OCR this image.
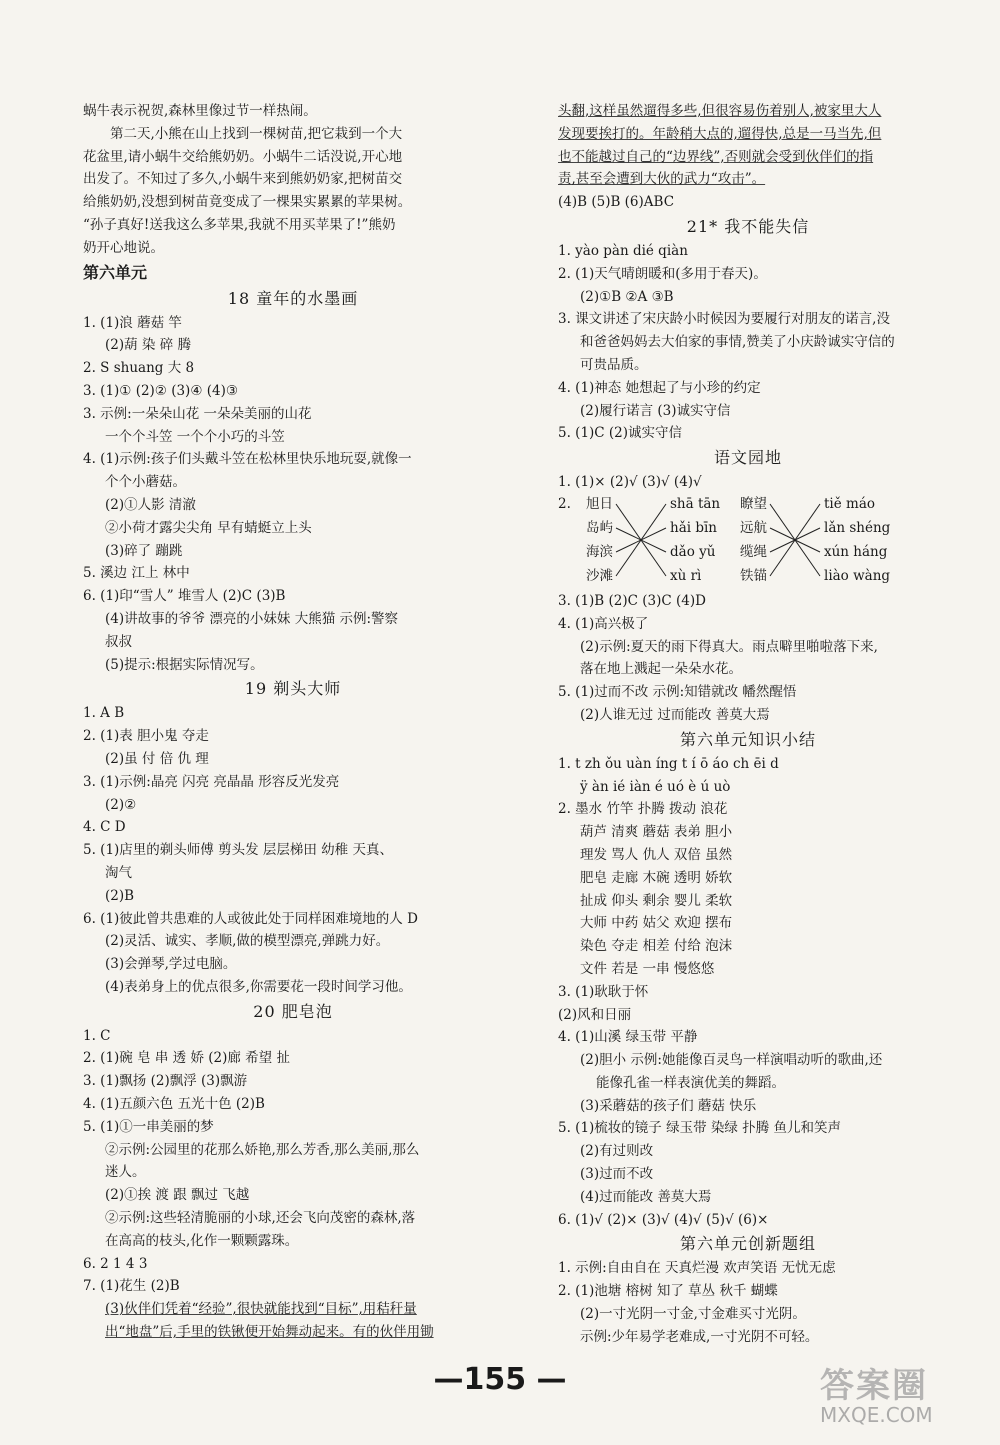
蜗牛表示祝贺,森林里像过节一样热闹。
第二天,小熊在山上找到一棵树苗,把它栽到一个大
花盆里,请小蜗牛交给熊奶奶。小蜗牛二话没说,开心地
出发了。不知过了多久,小蜗牛来到熊奶奶家,把树苗交
给熊奶奶,没想到树苗竟变成了一棵果实累累的苹果树。
“孙子真好!送我这么多苹果,我就不用买苹果了!”熊奶
奶开心地说。
第六单元
18 童年的水墨画
1. (1)浪 蘑菇 竿
(2)葫 染 碎 腾
2. S shuang 大 8
3. (1)① (2)② (3)④ (4)③
3. 示例:一朵朵山花 一朵朵美丽的山花
一个个斗笠 一个个小巧的斗笠
4. (1)示例:孩子们头戴斗笠在松林里快乐地玩耍,就像一
个个小蘑菇。
(2)①人影 清澈
②小荷才露尖尖角 早有蜻蜓立上头
(3)碎了 蹦跳
5. 溪边 江上 林中
6. (1)印“雪人” 堆雪人 (2)C (3)B
(4)讲故事的爷爷 漂亮的小妹妹 大熊猫 示例:警察
叔叔
(5)提示:根据实际情况写。
19 剃头大师
1. A B
2. (1)表 胆小鬼 夺走
(2)虽 付 倍 仇 理
3. (1)示例:晶亮 闪亮 亮晶晶 形容反光发亮
(2)②
4. C D
5. (1)店里的剃头师傅 剪头发 层层梯田 幼稚 天真、
淘气
(2)B
6. (1)彼此曾共患难的人或彼此处于同样困难境地的人 D
(2)灵活、诚实、孝顺,做的模型漂亮,弹跳力好。
(3)会弹琴,学过电脑。
(4)表弟身上的优点很多,你需要花一段时间学习他。
20 肥皂泡
1. C
2. (1)碗 皂 串 透 娇 (2)廊 希望 扯
3. (1)飘扬 (2)飘浮 (3)飘游
4. (1)五颜六色 五光十色 (2)B
5. (1)①一串美丽的梦
②示例:公园里的花那么娇艳,那么芳香,那么美丽,那么
迷人。
(2)①挨 渡 跟 飘过 飞越
②示例:这些轻清脆丽的小球,还会飞向茂密的森林,落
在高高的枝头,化作一颗颗露珠。
6. 2 1 4 3
7. (1)花生 (2)B
(3)伙伴们凭着“经验”,很快就能找到“目标”,用秸秆量
出“地盘”后,手里的铁锹便开始舞动起来。有的伙伴用锄
头翻,这样虽然遛得多些,但很容易伤着别人,被家里大人
发现要挨打的。年龄稍大点的,遛得快,总是一马当先,但
也不能越过自己的“边界线”,否则就会受到伙伴们的指
责,甚至会遭到大伙的武力“攻击”。
(4)B (5)B (6)ABC
21* 我不能失信
1. yào pàn dié qiàn
2. (1)天气晴朗暖和(多用于春天)。
(2)①B ②A ③B
3. 课文讲述了宋庆龄小时候因为要履行对朋友的诺言,没
和爸爸妈妈去大伯家的事情,赞美了小庆龄诚实守信的
可贵品质。
4. (1)神态 她想起了与小珍的约定
(2)履行诺言 (3)诚实守信
5. (1)C (2)诚实守信
语文园地
1. (1)× (2)√ (3)√ (4)√
2. 旭日
岛屿
海滨
沙滩
shā tān
hǎi bīn
dǎo yǔ
xù rì
瞭望
远航
缆绳
铁锚
tiě máo
lǎn shéng
xún háng
liào wàng
3. (1)B (2)C (3)C (4)D
4. (1)高兴极了
(2)示例:夏天的雨下得真大。雨点噼里啪啦落下来,
落在地上溅起一朵朵水花。
5. (1)过而不改 示例:知错就改 幡然醒悟
(2)人谁无过 过而能改 善莫大焉
第六单元知识小结
1. t zh ǒu uàn íng t í ō áo ch ēi d
ÿ àn ié iàn é uó è ú uò
2. 墨水 竹竿 扑腾 拨动 浪花
葫芦 清爽 蘑菇 表弟 胆小
理发 骂人 仇人 双倍 虽然
肥皂 走廊 木碗 透明 娇软
扯成 仰头 剩余 婴儿 柔软
大师 中药 姑父 欢迎 摆布
染色 夺走 相差 付给 泡沫
文件 若是 一串 慢悠悠
3. (1)耿耿于怀
(2)风和日丽
4. (1)山溪 绿玉带 平静
(2)胆小 示例:她能像百灵鸟一样演唱动听的歌曲,还
能像孔雀一样表演优美的舞蹈。
(3)采蘑菇的孩子们 蘑菇 快乐
5. (1)梳妆的镜子 绿玉带 染绿 扑腾 鱼儿和笑声
(2)有过则改
(3)过而不改
(4)过而能改 善莫大焉
6. (1)√ (2)× (3)√ (4)√ (5)√ (6)×
第六单元创新题组
1. 示例:自由自在 天真烂漫 欢声笑语 无忧无虑
2. (1)池塘 榕树 知了 草丛 秋千 蝴蝶
(2)一寸光阴一寸金,寸金难买寸光阴。
示例:少年易学老难成,一寸光阴不可轻。
—155 —	答案圈
MXQE.COM
